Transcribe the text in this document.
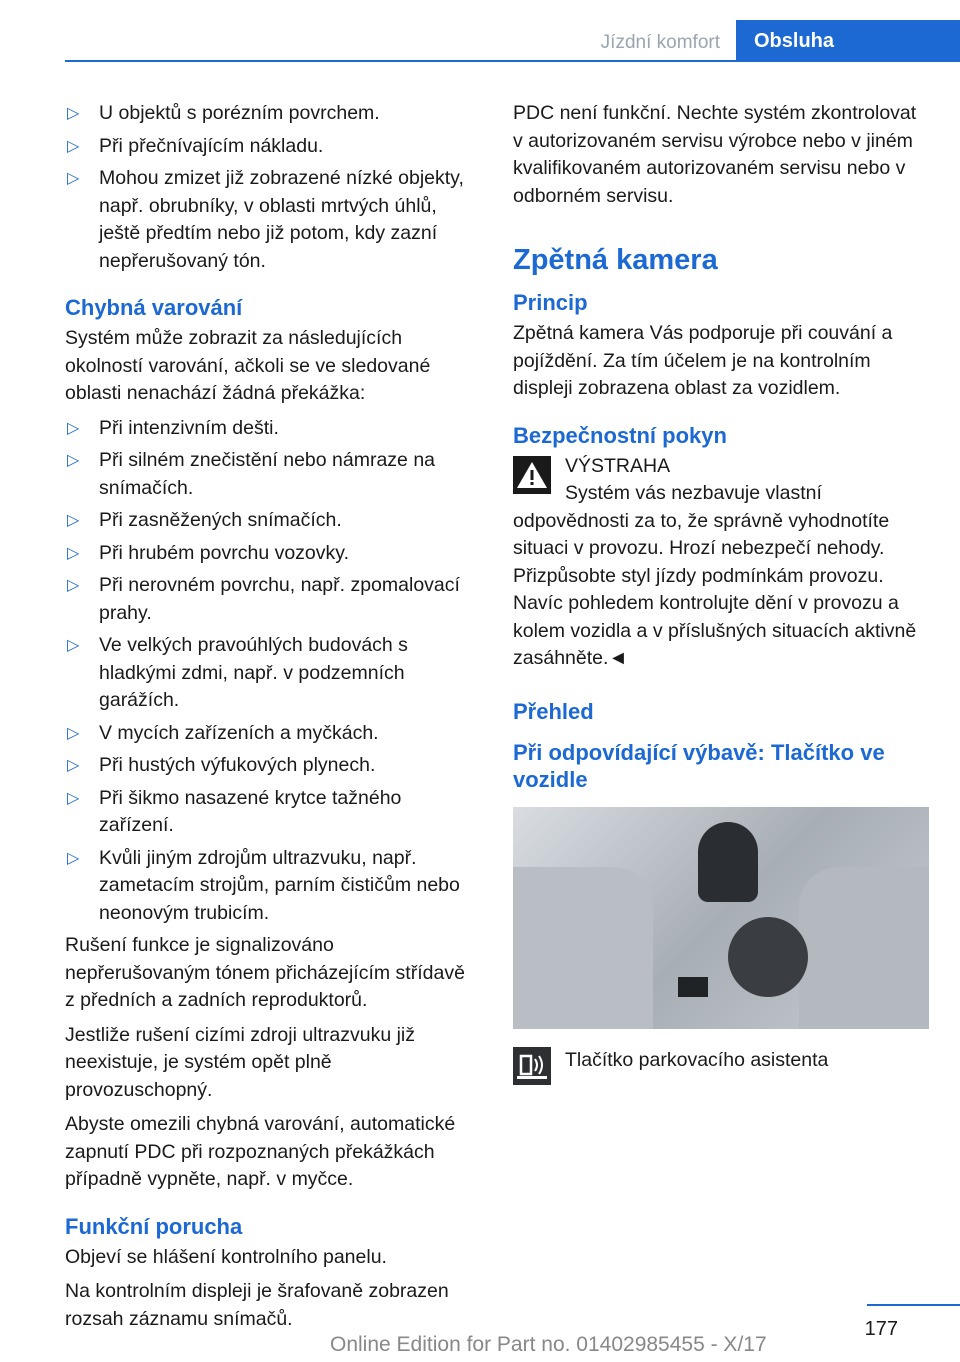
Jízdní komfort	Obsluha
▷ U objektů s porézním povrchem.
▷ Při přečnívajícím nákladu.
▷ Mohou zmizet již zobrazené nízké objekty, např. obrubníky, v oblasti mrtvých úhlů, ještě předtím nebo již potom, kdy zazní nepřerušovaný tón.
Chybná varování

Systém může zobrazit za následujících okolností varování, ačkoli se ve sledované oblasti nenachází žádná překážka:

▷ Při intenzivním dešti.
▷ Při silném znečistění nebo námraze na snímačích.
▷ Při zasněžených snímačích.
▷ Při hrubém povrchu vozovky.
▷ Při nerovném povrchu, např. zpomalovací prahy.
▷ Ve velkých pravoúhlých budovách s hladkými zdmi, např. v podzemních garážích.
▷ V mycích zařízeních a myčkách.
▷ Při hustých výfukových plynech.
▷ Při šikmo nasazené krytce tažného zařízení.
▷ Kvůli jiným zdrojům ultrazvuku, např. zametacím strojům, parním čističům nebo neonovým trubicím.

Rušení funkce je signalizováno nepřerušovaným tónem přicházejícím střídavě z předních a zadních reproduktorů.

Jestliže rušení cizími zdroji ultrazvuku již neexistuje, je systém opět plně provozuschopný.

Abyste omezili chybná varování, automatické zapnutí PDC při rozpoznaných překážkách případně vypněte, např. v myčce.

Funkční porucha

Objeví se hlášení kontrolního panelu.

Na kontrolním displeji je šrafovaně zobrazen rozsah záznamu snímačů.

PDC není funkční. Nechte systém zkontrolovat v autorizovaném servisu výrobce nebo v jiném kvalifikovaném autorizovaném servisu nebo v odborném servisu.

Zpětná kamera
Princip

Zpětná kamera Vás podporuje při couvání a pojíždění. Za tím účelem je na kontrolním displeji zobrazena oblast za vozidlem.

Bezpečnostní pokyn
VÝSTRAHA

Systém vás nezbavuje vlastní odpovědnosti za to, že správně vyhodnotíte situaci v provozu. Hrozí nebezpečí nehody. Přizpůsobte styl jízdy podmínkám provozu. Navíc pohledem kontrolujte dění v provozu a kolem vozidla a v příslušných situacích aktivně zasáhněte.◄

Přehled
Při odpovídající výbavě: Tlačítko ve vozidle
Tlačítko parkovacího asistenta
177
Online Edition for Part no. 01402985455 - X/17
